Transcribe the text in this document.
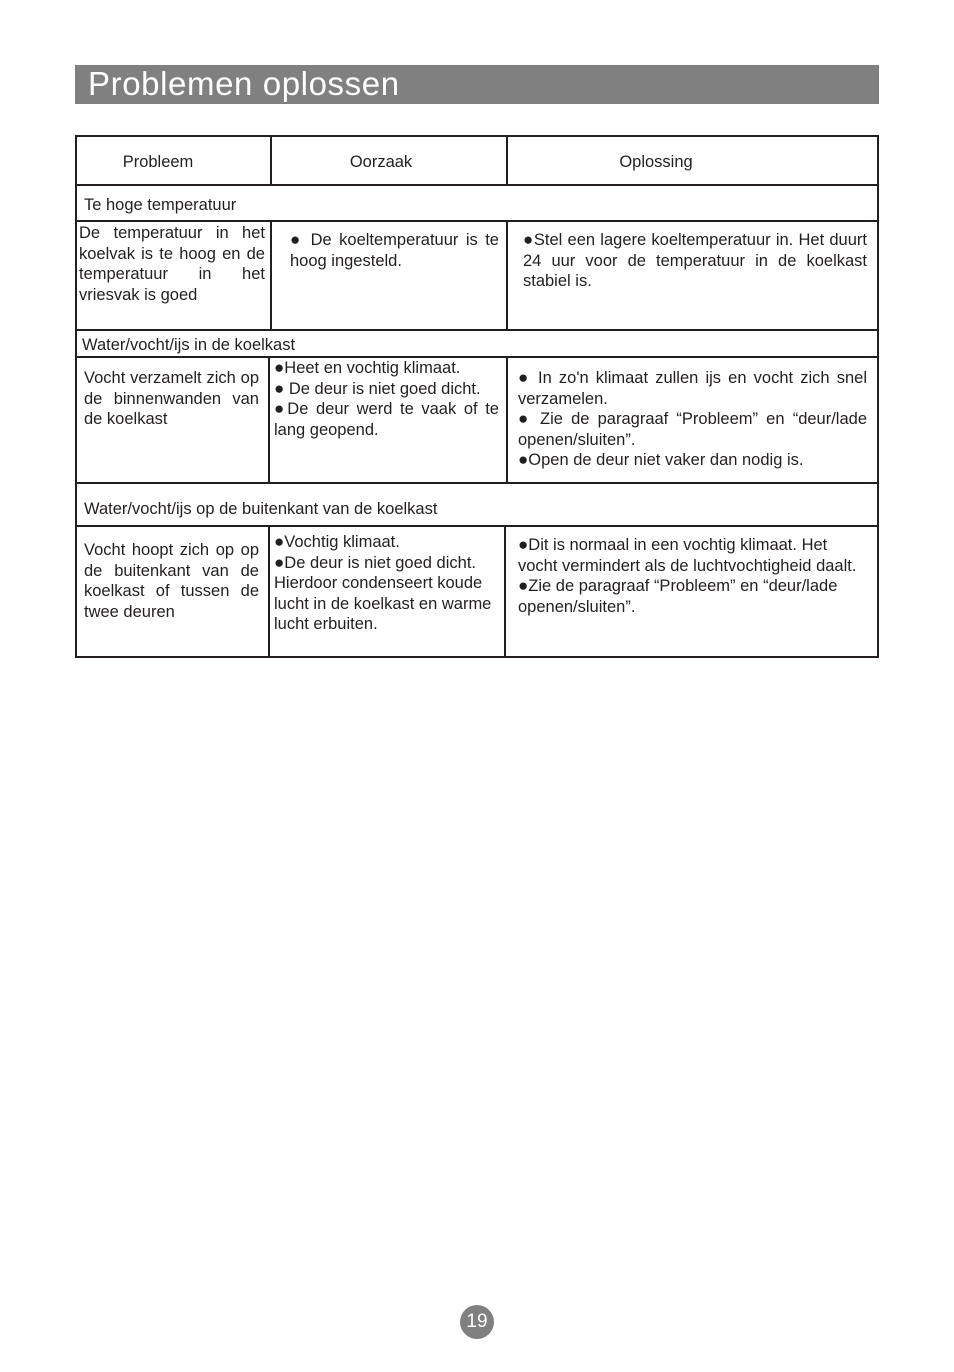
Problemen oplossen
Probleem	Oorzaak	Oplossing
Te hoge temperatuur
De temperatuur in het koelvak is te hoog en de temperatuur in het vriesvak is goed
● De koeltemperatuur is te hoog ingesteld.
●Stel een lagere koeltemperatuur in. Het duurt 24 uur voor de temperatuur in de koelkast stabiel is.
Water/vocht/ijs in de koelkast
Vocht verzamelt zich op de binnenwanden van de koelkast
●Heet en vochtig klimaat.
● De deur is niet goed dicht.
●De deur werd te vaak of te lang geopend.
● In zo'n klimaat zullen ijs en vocht zich snel verzamelen.
● Zie de paragraaf “Probleem” en “deur/lade openen/sluiten”.
●Open de deur niet vaker dan nodig is.
Water/vocht/ijs op de buitenkant van de koelkast
Vocht hoopt zich op op de buitenkant van de koelkast of tussen de twee deuren
●Vochtig klimaat.
●De deur is niet goed dicht. Hierdoor condenseert koude lucht in de koelkast en warme lucht erbuiten.
●Dit is normaal in een vochtig klimaat. Het vocht vermindert als de luchtvochtigheid daalt.
●Zie de paragraaf “Probleem” en “deur/lade openen/sluiten”.
19
